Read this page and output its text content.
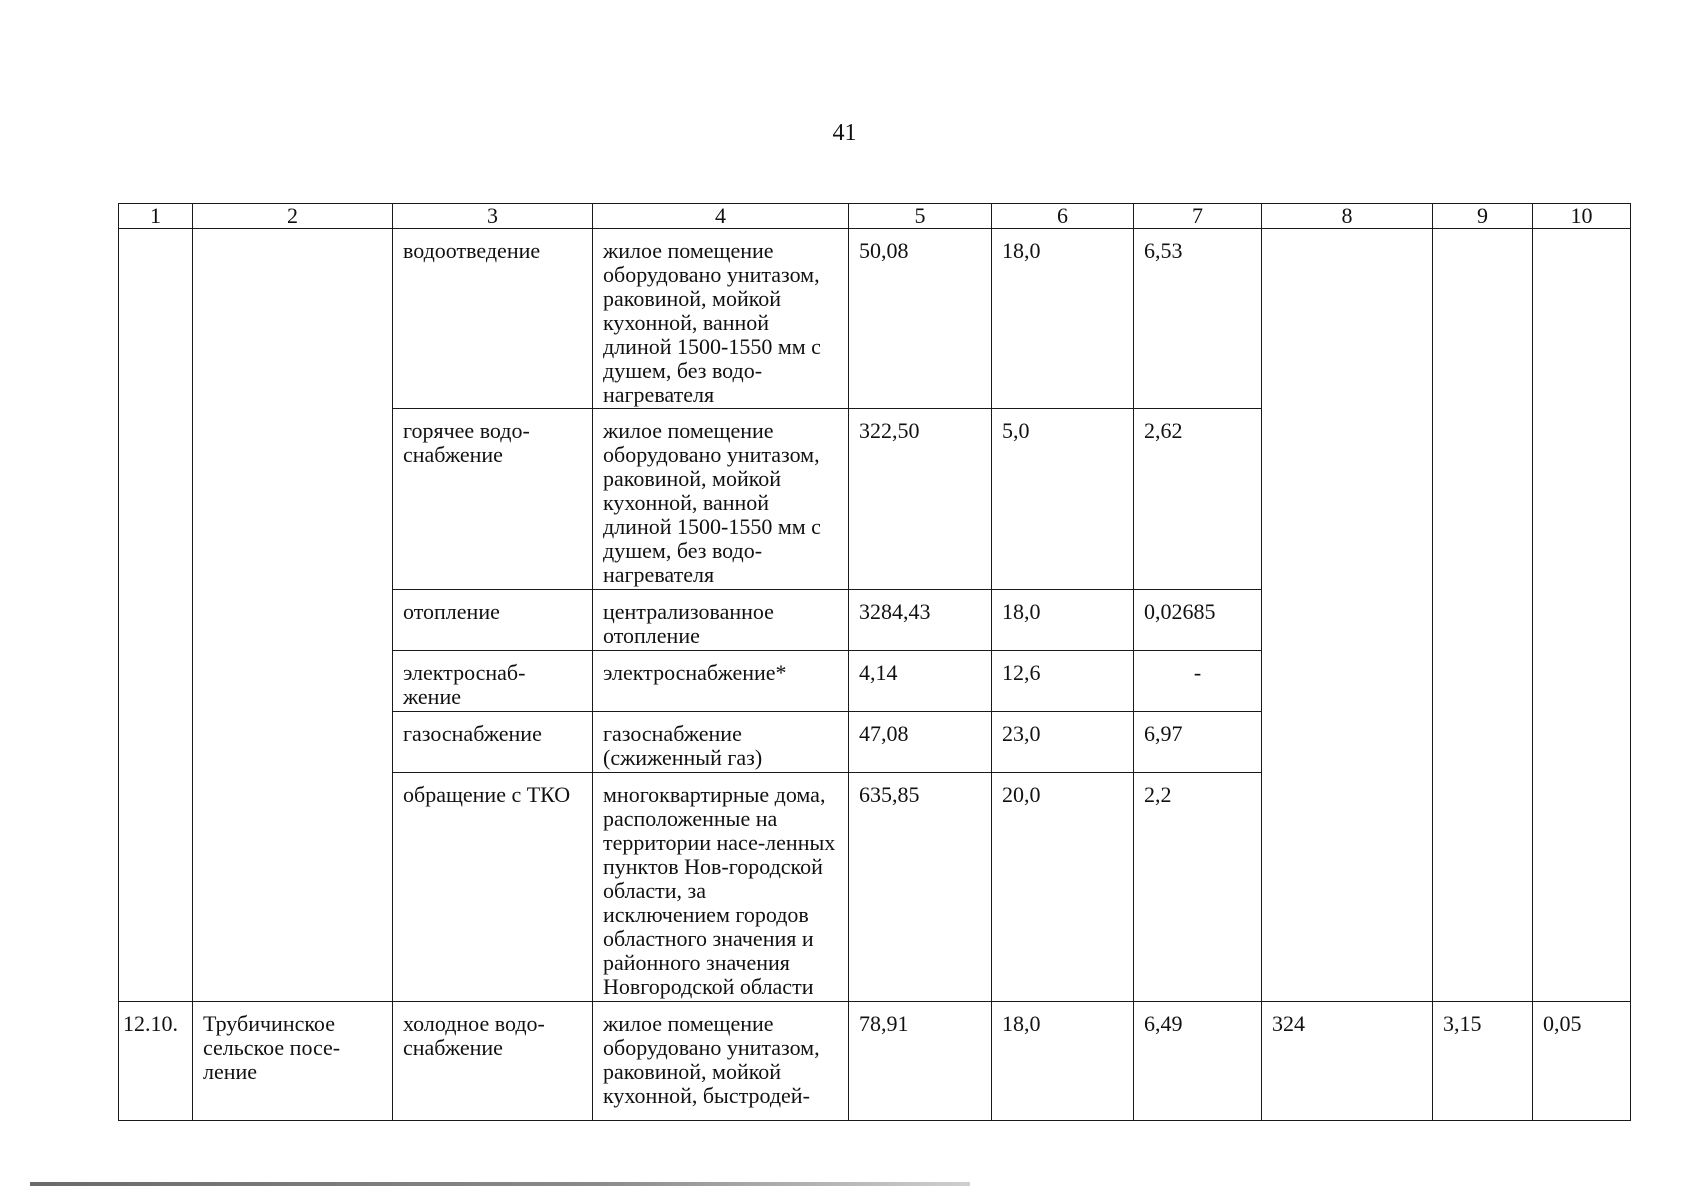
41
1	2	3	4	5	6	7	8	9	10
		водоотведение	жилое помещение оборудовано унитазом, раковиной, мойкой кухонной, ванной длиной 1500-1550 мм с душем, без водо-нагревателя	50,08	18,0	6,53			
		горячее водо-снабжение	жилое помещение оборудовано унитазом, раковиной, мойкой кухонной, ванной длиной 1500-1550 мм с душем, без водо-нагревателя	322,50	5,0	2,62			
		отопление	централизованное отопление	3284,43	18,0	0,02685			
		электроснаб-жение	электроснабжение*	4,14	12,6	-			
		газоснабжение	газоснабжение (сжиженный газ)	47,08	23,0	6,97			
		обращение с ТКО	многоквартирные дома, расположенные на территории насе-ленных пунктов Нов-городской области, за исключением городов областного значения и районного значения Новгородской области	635,85	20,0	2,2			
12.10.	Трубичинское сельское посе-ление	холодное водо-снабжение	жилое помещение оборудовано унитазом, раковиной, мойкой кухонной, быстродей-	78,91	18,0	6,49	324	3,15	0,05
